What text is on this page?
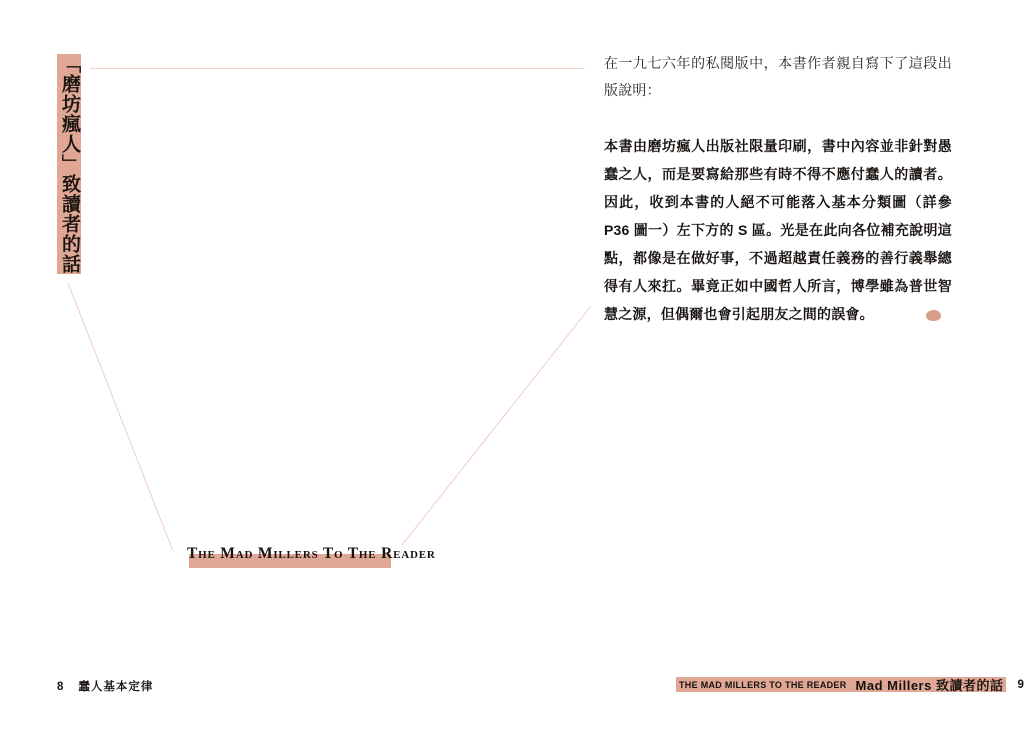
「磨坊瘋人」致讀者的話
The Mad Millers To The Reader
8 蠢人基本定律
在一九七六年的私閱版中，本書作者親自寫下了這段出版說明：
本書由磨坊瘋人出版社限量印刷，書中內容並非針對愚蠢之人，而是要寫給那些有時不得不應付蠢人的讀者。因此，收到本書的人絕不可能落入基本分類圖（詳參P36 圖一）左下方的 S 區。光是在此向各位補充說明這點，都像是在做好事，不過超越責任義務的善行義舉總得有人來扛。畢竟正如中國哲人所言，博學雖為普世智慧之源，但偶爾也會引起朋友之間的誤會。
THE MAD MILLERS TO THE READER Mad Millers 致讀者的話 9
